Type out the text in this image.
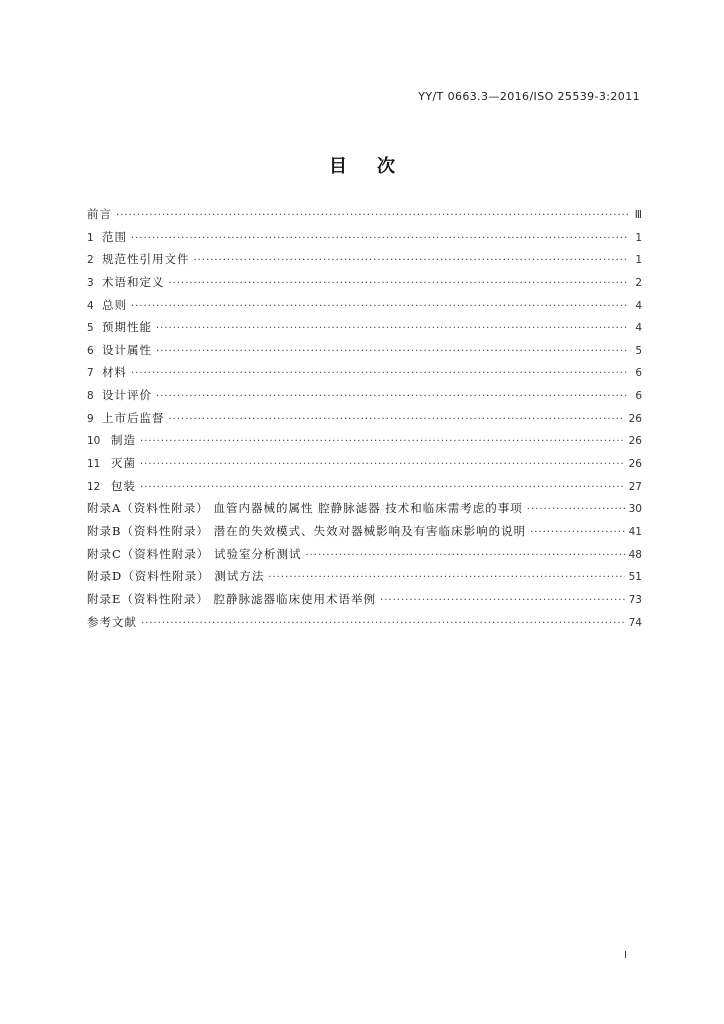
YY/T 0663.3—2016/ISO 25539-3:2011
目次
前言 ·····	Ⅲ
1 范围 ·····	1
2 规范性引用文件 ·····	1
3 术语和定义 ·····	2
4 总则 ·····	4
5 预期性能 ·····	4
6 设计属性 ·····	5
7 材料 ·····	6
8 设计评价 ·····	6
9 上市后监督 ·····	26
10 制造 ·····	26
11 灭菌 ·····	26
12 包装 ·····	27
附录A（资料性附录） 血管内器械的属性 腔静脉滤器 技术和临床需考虑的事项 ·····	30
附录B（资料性附录） 潜在的失效模式、失效对器械影响及有害临床影响的说明 ·····	41
附录C（资料性附录） 试验室分析测试 ·····	48
附录D（资料性附录） 测试方法 ·····	51
附录E（资料性附录） 腔静脉滤器临床使用术语举例 ·····	73
参考文献 ·····	74
I
